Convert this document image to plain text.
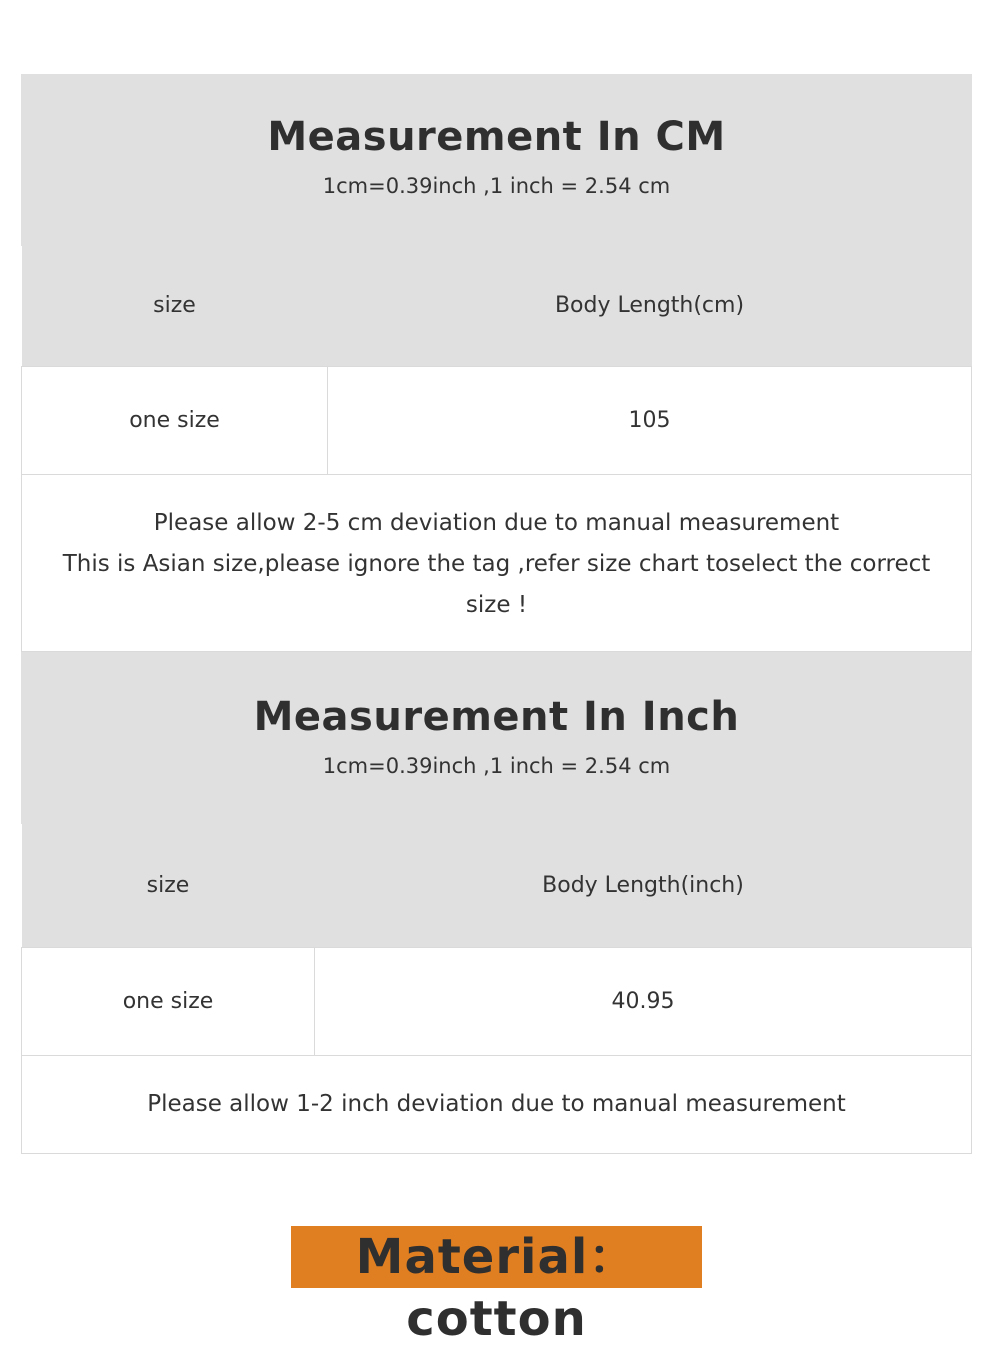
Measurement In CM
1cm=0.39inch ,1 inch = 2.54 cm
size	Body Length(cm)
one size	105
Please allow 2-5 cm deviation due to manual measurement
This is Asian size,please ignore the tag ,refer size chart toselect the correct size !
Measurement In Inch
1cm=0.39inch ,1 inch = 2.54 cm
size	Body Length(inch)
one size	40.95
Please allow 1-2 inch deviation due to manual measurement
Material： cotton
